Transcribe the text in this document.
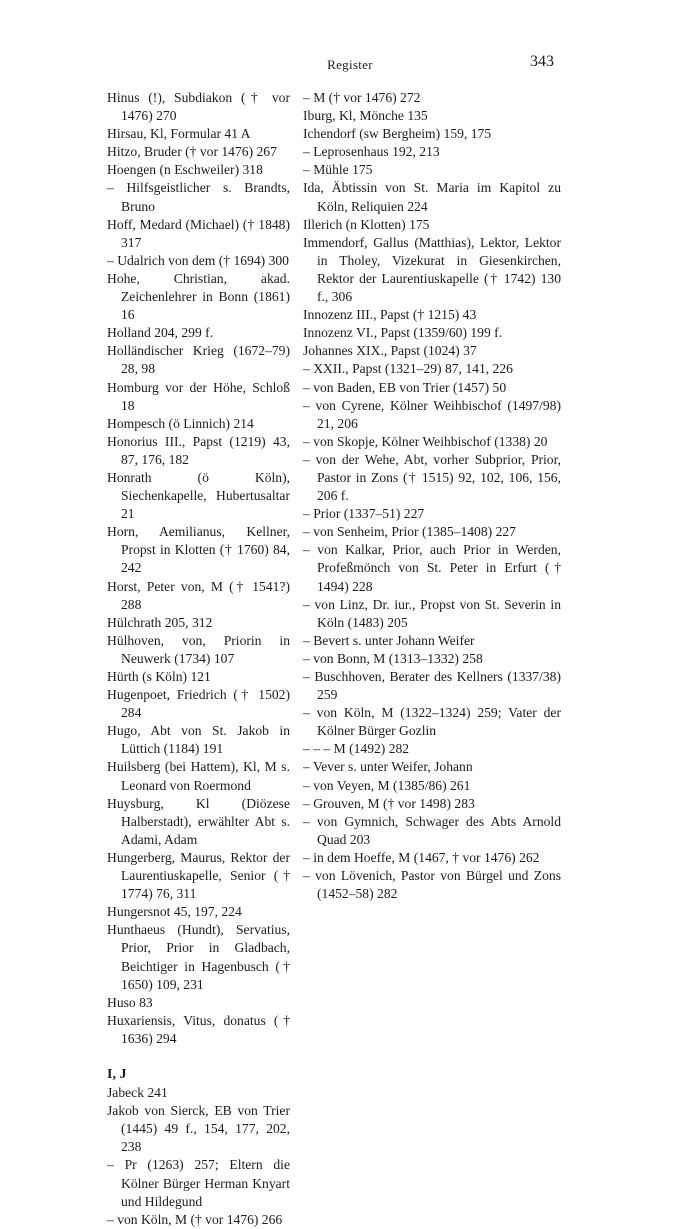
Register	343
Hinus (!), Subdiakon († vor 1476) 270
Hirsau, Kl, Formular 41 A
Hitzo, Bruder († vor 1476) 267
Hoengen (n Eschweiler) 318
– Hilfsgeistlicher s. Brandts, Bruno
Hoff, Medard (Michael) († 1848) 317
– Udalrich von dem († 1694) 300
Hohe, Christian, akad. Zeichenlehrer in Bonn (1861) 16
Holland 204, 299 f.
Holländischer Krieg (1672–79) 28, 98
Homburg vor der Höhe, Schloß 18
Hompesch (ö Linnich) 214
Honorius III., Papst (1219) 43, 87, 176, 182
Honrath (ö Köln), Siechenkapelle, Hubertusaltar 21
Horn, Aemilianus, Kellner, Propst in Klotten († 1760) 84, 242
Horst, Peter von, M († 1541?) 288
Hülchrath 205, 312
Hülhoven, von, Priorin in Neuwerk (1734) 107
Hürth (s Köln) 121
Hugenpoet, Friedrich († 1502) 284
Hugo, Abt von St. Jakob in Lüttich (1184) 191
Huilsberg (bei Hattem), Kl, M s. Leonard von Roermond
Huysburg, Kl (Diözese Halberstadt), erwählter Abt s. Adami, Adam
Hungerberg, Maurus, Rektor der Laurentiuskapelle, Senior († 1774) 76, 311
Hungersnot 45, 197, 224
Hunthaeus (Hundt), Servatius, Prior, Prior in Gladbach, Beichtiger in Hagenbusch († 1650) 109, 231
Huso 83
Huxariensis, Vitus, donatus († 1636) 294
I, J
Jabeck 241
Jakob von Sierck, EB von Trier (1445) 49 f., 154, 177, 202, 238
– Pr (1263) 257; Eltern die Kölner Bürger Herman Knyart und Hildegund
– von Köln, M († vor 1476) 266
– M († vor 1476) 272
Iburg, Kl, Mönche 135
Ichendorf (sw Bergheim) 159, 175
– Leprosenhaus 192, 213
– Mühle 175
Ida, Äbtissin von St. Maria im Kapitol zu Köln, Reliquien 224
Illerich (n Klotten) 175
Immendorf, Gallus (Matthias), Lektor, Lektor in Tholey, Vizekurat in Giesenkirchen, Rektor der Laurentiuskapelle († 1742) 130 f., 306
Innozenz III., Papst († 1215) 43
Innozenz VI., Papst (1359/60) 199 f.
Johannes XIX., Papst (1024) 37
– XXII., Papst (1321–29) 87, 141, 226
– von Baden, EB von Trier (1457) 50
– von Cyrene, Kölner Weihbischof (1497/98) 21, 206
– von Skopje, Kölner Weihbischof (1338) 20
– von der Wehe, Abt, vorher Subprior, Prior, Pastor in Zons († 1515) 92, 102, 106, 156, 206 f.
– Prior (1337–51) 227
– von Senheim, Prior (1385–1408) 227
– von Kalkar, Prior, auch Prior in Werden, Profeßmönch von St. Peter in Erfurt († 1494) 228
– von Linz, Dr. iur., Propst von St. Severin in Köln (1483) 205
– Bevert s. unter Johann Weifer
– von Bonn, M (1313–1332) 258
– Buschhoven, Berater des Kellners (1337/38) 259
– von Köln, M (1322–1324) 259; Vater der Kölner Bürger Gozlin
– – – M (1492) 282
– Vever s. unter Weifer, Johann
– von Veyen, M (1385/86) 261
– Grouven, M († vor 1498) 283
– von Gymnich, Schwager des Abts Arnold Quad 203
– in dem Hoeffe, M (1467, † vor 1476) 262
– von Lövenich, Pastor von Bürgel und Zons (1452–58) 282
